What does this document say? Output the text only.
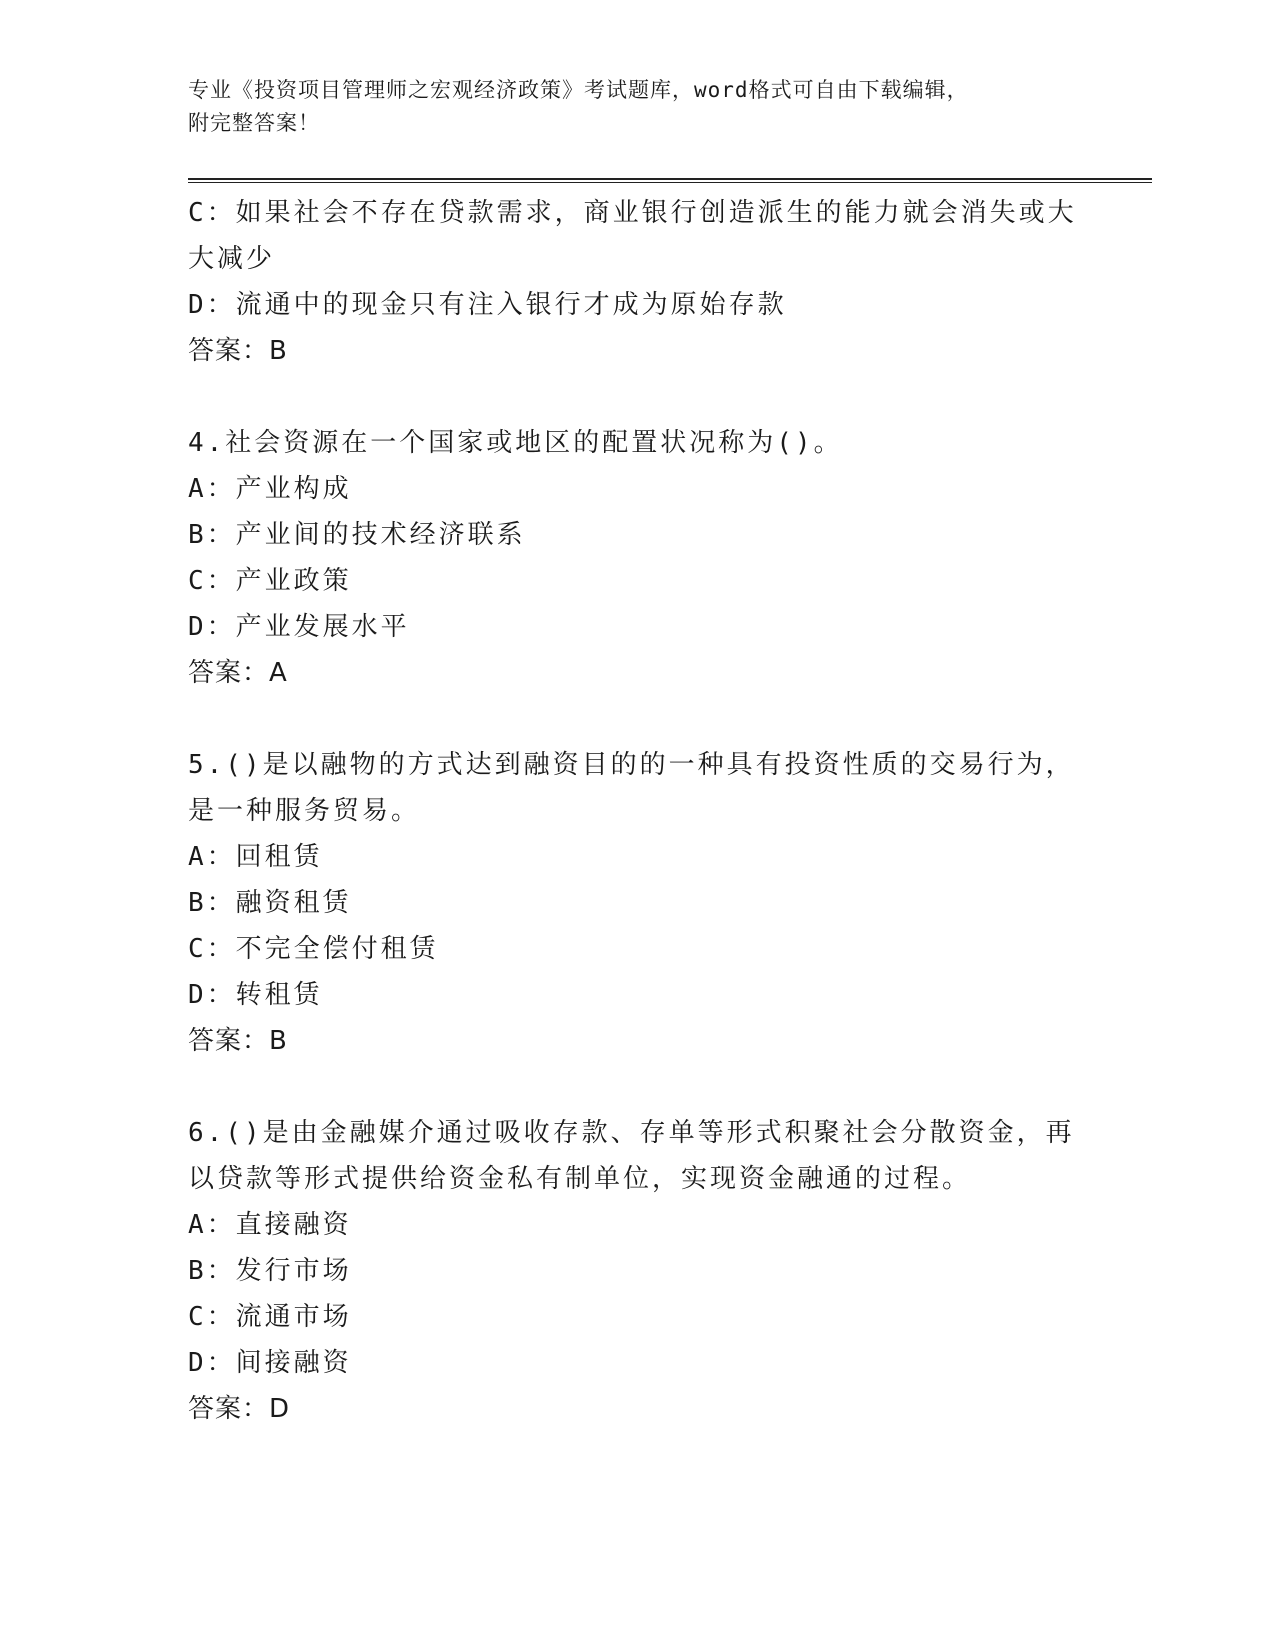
专业《投资项目管理师之宏观经济政策》考试题库，word格式可自由下载编辑，
附完整答案！
C：如果社会不存在贷款需求，商业银行创造派生的能力就会消失或大
大减少
D：流通中的现金只有注入银行才成为原始存款
答案：B
4.社会资源在一个国家或地区的配置状况称为()。
A：产业构成
B：产业间的技术经济联系
C：产业政策
D：产业发展水平
答案：A
5.()是以融物的方式达到融资目的的一种具有投资性质的交易行为，
是一种服务贸易。
A：回租赁
B：融资租赁
C：不完全偿付租赁
D：转租赁
答案：B
6.()是由金融媒介通过吸收存款、存单等形式积聚社会分散资金，再
以贷款等形式提供给资金私有制单位，实现资金融通的过程。
A：直接融资
B：发行市场
C：流通市场
D：间接融资
答案：D
